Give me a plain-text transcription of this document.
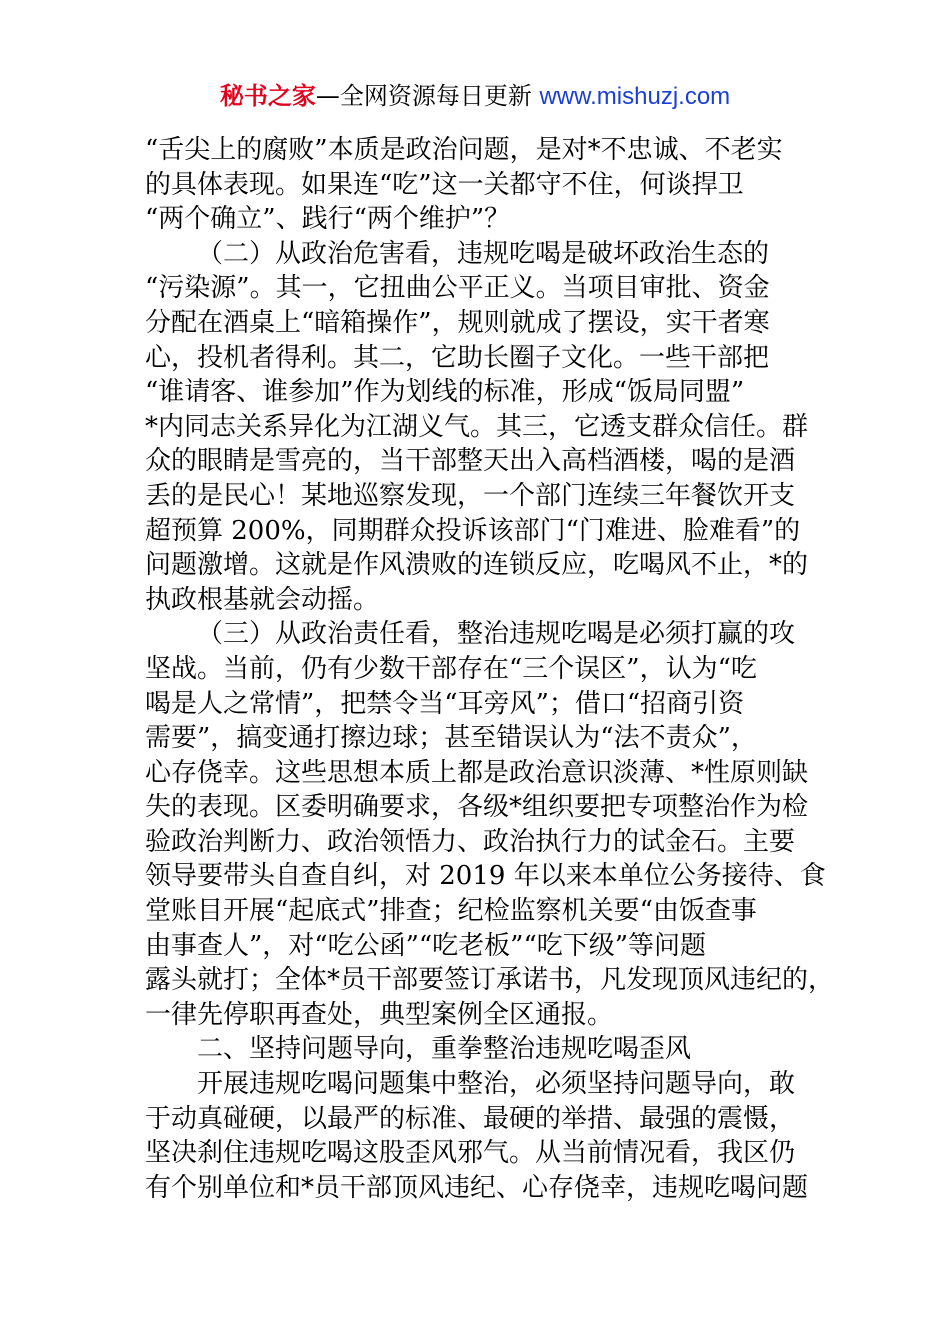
秘书之家—全网资源每日更新 www.mishuzj.com
“舌尖上的腐败”本质是政治问题，是对*不忠诚、不老实
的具体表现。如果连“吃”这一关都守不住，何谈捍卫
“两个确立”、践行“两个维护”？
（二）从政治危害看，违规吃喝是破坏政治生态的
“污染源”。其一，它扭曲公平正义。当项目审批、资金
分配在酒桌上“暗箱操作”，规则就成了摆设，实干者寒
心，投机者得利。其二，它助长圈子文化。一些干部把
“谁请客、谁参加”作为划线的标准，形成“饭局同盟”
*内同志关系异化为江湖义气。其三，它透支群众信任。群
众的眼睛是雪亮的，当干部整天出入高档酒楼，喝的是酒
丢的是民心！某地巡察发现，一个部门连续三年餐饮开支
超预算 200%，同期群众投诉该部门“门难进、脸难看”的
问题激增。这就是作风溃败的连锁反应，吃喝风不止，*的
执政根基就会动摇。
（三）从政治责任看，整治违规吃喝是必须打赢的攻
坚战。当前，仍有少数干部存在“三个误区”，认为“吃
喝是人之常情”，把禁令当“耳旁风”；借口“招商引资
需要”，搞变通打擦边球；甚至错误认为“法不责众”，
心存侥幸。这些思想本质上都是政治意识淡薄、*性原则缺
失的表现。区委明确要求，各级*组织要把专项整治作为检
验政治判断力、政治领悟力、政治执行力的试金石。主要
领导要带头自查自纠，对 2019 年以来本单位公务接待、食
堂账目开展“起底式”排查；纪检监察机关要“由饭查事
由事查人”，对“吃公函”“吃老板”“吃下级”等问题
露头就打；全体*员干部要签订承诺书，凡发现顶风违纪的，
一律先停职再查处，典型案例全区通报。
二、坚持问题导向，重拳整治违规吃喝歪风
开展违规吃喝问题集中整治，必须坚持问题导向，敢
于动真碰硬，以最严的标准、最硬的举措、最强的震慑，
坚决刹住违规吃喝这股歪风邪气。从当前情况看，我区仍
有个别单位和*员干部顶风违纪、心存侥幸，违规吃喝问题
